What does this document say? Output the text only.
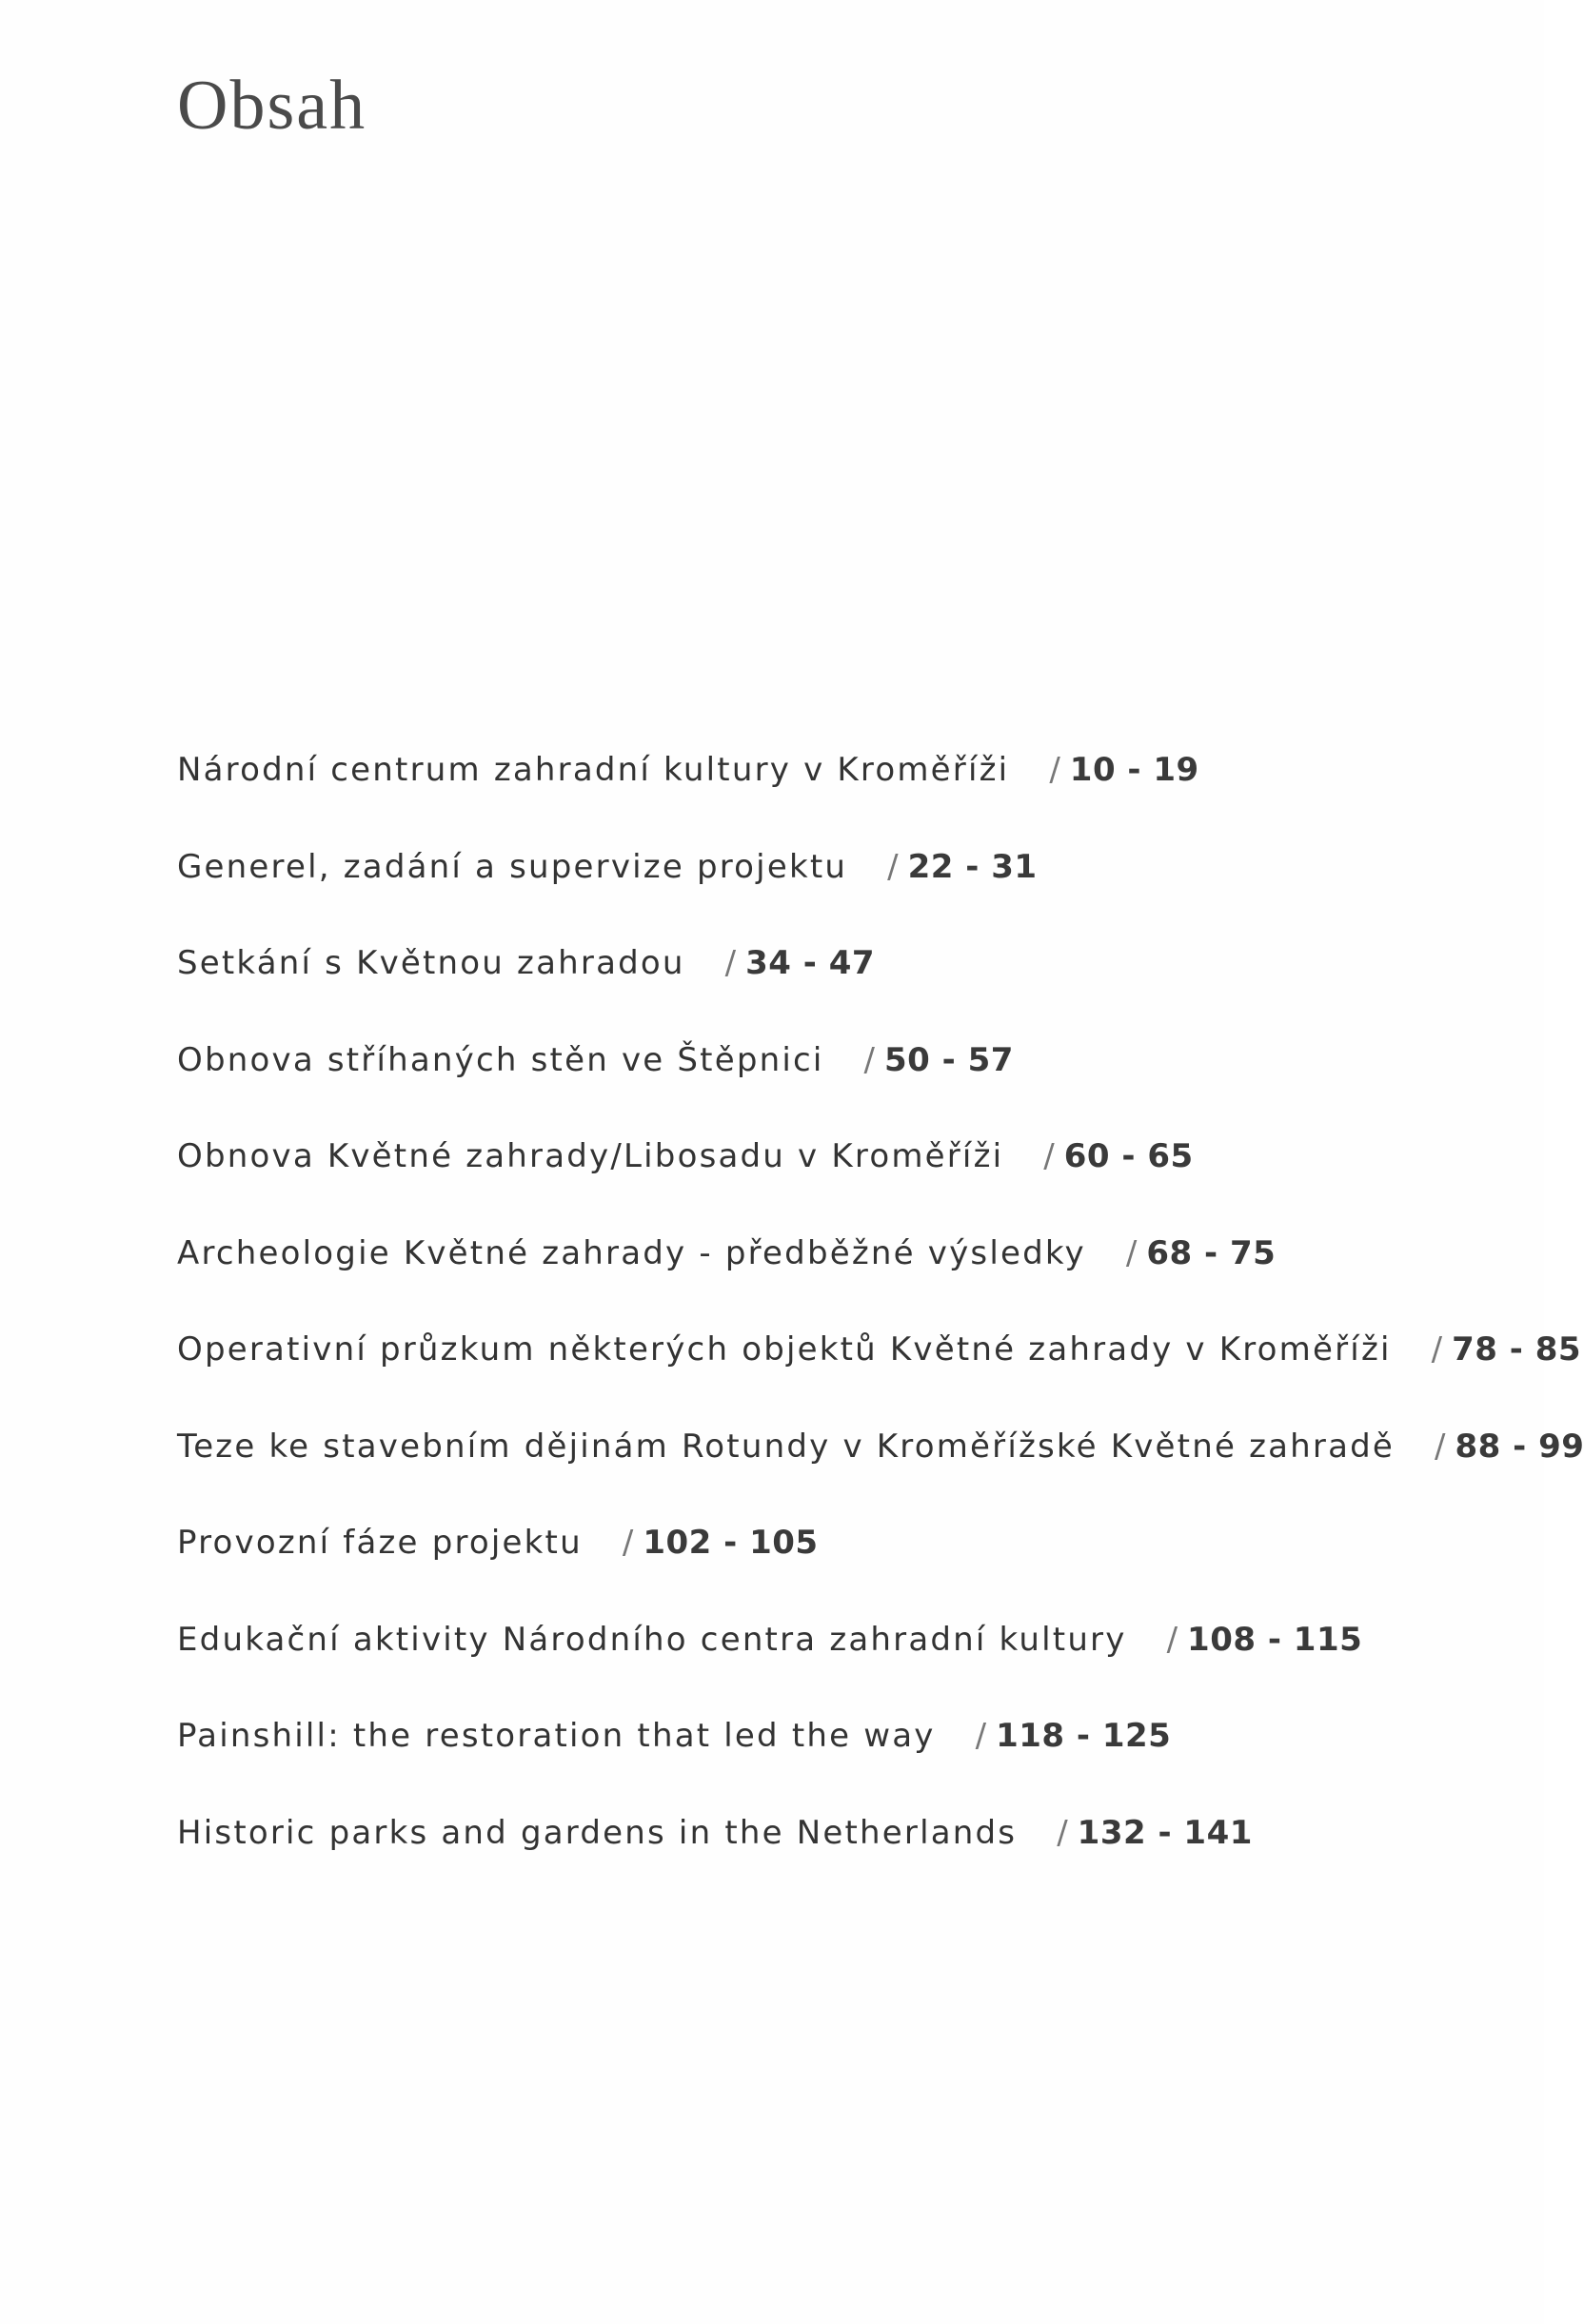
Obsah
Národní centrum zahradní kultury v Kroměříži / 10 - 19
Generel, zadání a supervize projektu / 22 - 31
Setkání s Květnou zahradou / 34 - 47
Obnova stříhaných stěn ve Štěpnici / 50 - 57
Obnova Květné zahrady/Libosadu v Kroměříži / 60 - 65
Archeologie Květné zahrady - předběžné výsledky / 68 - 75
Operativní průzkum některých objektů Květné zahrady v Kroměříži / 78 - 85
Teze ke stavebním dějinám Rotundy v Kroměřížské Květné zahradě / 88 - 99
Provozní fáze projektu / 102 - 105
Edukační aktivity Národního centra zahradní kultury / 108 - 115
Painshill: the restoration that led the way / 118 - 125
Historic parks and gardens in the Netherlands / 132 - 141
